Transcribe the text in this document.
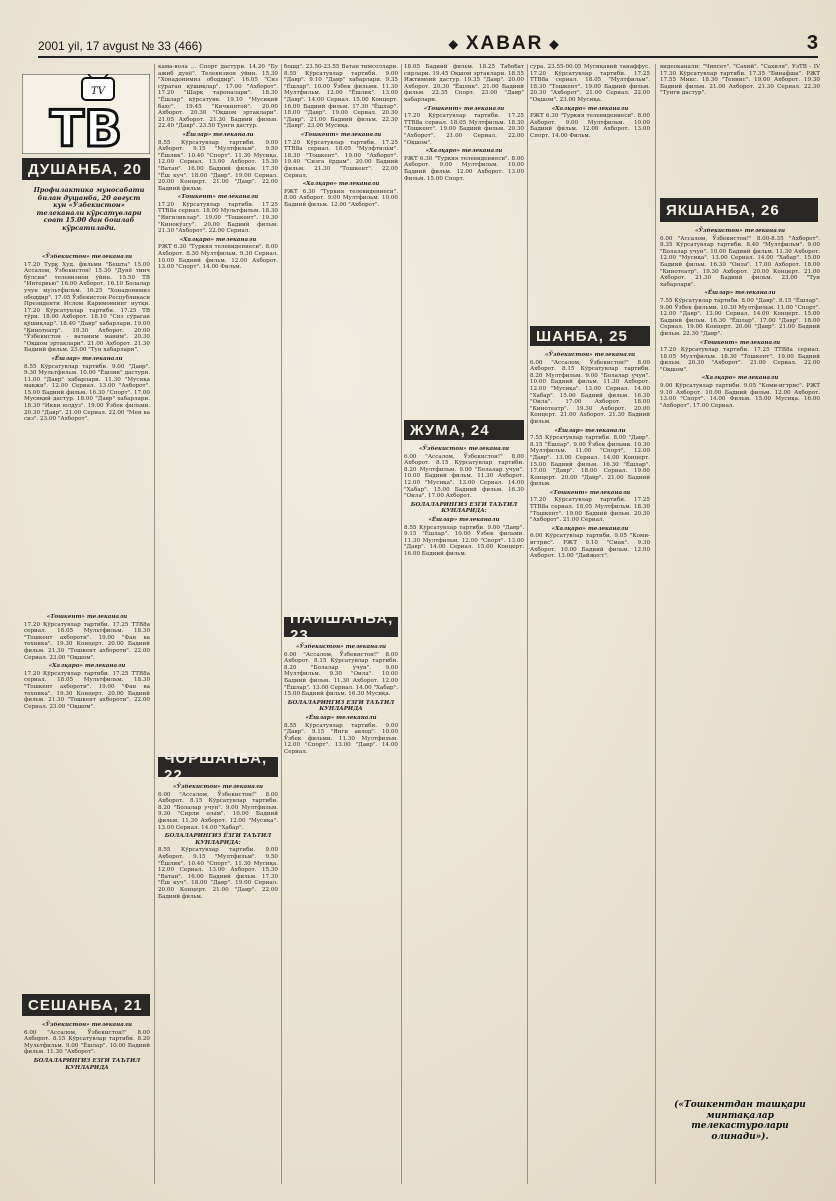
2001 yil, 17 avgust № 33 (466)	◆ XABAR ◆	3
TV
TB
ДУШАНБА, 20
Профилактика муносабати билан душанба, 20 август кун «Ўзбекистон» телеканали кўрсатувлари соат 15.00 дан бошлаб кўрсатилади.

«Ўзбекистон» телеканали

17.20 Турк Худ. фильми "Бешта" 15.00 Ассалом, Ўзбекистон! 15.30 "Дунё тинч бўлсин" телевизион ўйин. 15.50 ТВ "Интервью" 16.00 Ахборот. 16.10 Болалар учун мультфильм. 16.25 "Хонадонимиз ободдир". 17.05 Ўзбекистон Республикаси Президенти Ислом Каримовнинг нутқи. 17.20 Кўрсатувлар тартиби. 17.25 ТВ тўри. 18.00 Ахборот. 18.10 "Сиз сўраган қўшиқлар". 18.40 "Давр" хабарлари. 19.00 "Кинотеатр". 19.30 Ахборот. 20.00 "Ўзбекистон - ватаним маним". 20.30 "Оқшом эртаклари". 21.00 Ахборот. 21.30 Бадиий фильм. 23.00 "Тун хабарлари".

«Ёшлар» телеканали

8.55 Кўрсатувлар тартиби. 9.00 "Давр". 9.30 Мультфильм. 10.00 "Ёшлик" дастури. 11.00 "Давр" хабарлари. 11.30 "Мусиқа мавжи". 12.00 Сериал. 13.00 "Ахборот". 15.00 Бадиий фильм. 16.30 "Спорт". 17.00 Мусиқий дастур. 18.00 "Давр" хабарлари. 18.30 "Икки юлдуз". 19.00 Ўзбек фильми. 20.30 "Давр". 21.00 Сериал. 22.00 "Мен ва сиз". 23.00 "Ахборот".

«Тошкент» телеканали

17.20 Кўрсатувлар тартиби. 17.25 ТТВ8а сериал. 18.05 Мультфильм. 18.30 "Тошкент ахбороти". 19.00 "Фан ва техника". 19.30 Концерт. 20.00 Бадиий фильм. 21.30 "Тошкент ахбороти". 22.00 Сериал. 23.00 "Оқшом".

«Халқаро» телеканали

17.20 Кўрсатувлар тартиби. 17.25 ТТВ8а сериал. 18.05 Мультфильм. 18.30 "Тошкент ахбороти". 19.00 "Фан ва техника". 19.30 Концерт. 20.00 Бадиий фильм. 21.30 "Тошкент ахбороти". 22.00 Сериал. 23.00 "Оқшом".

СЕШАНБА, 21

«Ўзбекистон» телеканали

6.00 "Ассалом, Ўзбекистон!" 8.00 Ахборот. 8.15 Кўрсатувлар тартиби. 8.20 Мультфильм. 9.00 "Ёшлар". 10.00 Бадиий фильм. 11.30 "Ахборот".

БОЛАЛАРИНГИЗ ЕЗГИ ТАЪТИЛ КУНЛАРИДА

кама-вола ... Спорт дастури. 14.20 "Бу ажиб дунё". Телевизион ўйин. 15.30 "Хонадонимиз ободдир". 16.05 "Сиз сўраган қўшиқлар". 17.00 "Ахборот". 17.20 "Шарқ тароналари". 18.30 "Ёшлар" кўрсатуви. 19.10 "Мусиқий бахс". 19.45 "Кичкинтой". 20.00 Ахборот. 20.30 "Оқшом эртаклари". 21.05 Ахборот. 21.30 Бадиий фильм. 22.40 "Давр". 23.50 Тунги дастур.

«Ёшлар» телеканали

8.55 Кўрсатувлар тартиби. 9.00 Ахборот. 9.15 "Мултфильм". 9.50 "Ёшлик". 10.40 "Спорт". 11.30 Мусиқа. 12.00 Сериал. 13.00 Ахборот. 15.30 "Ватан". 16.00 Бадиий фильм. 17.30 "Ёш куч". 18.00 "Давр". 19.00 Сериал. 20.00 Концерт. 21.00 "Давр". 22.00 Бадиий фильм.

«Тошкент» телеканали

17.20 Кўрсатувлар тартиби. 17.25 ТТВ8а сериал. 18.00 Мультфильм. 18.30 "Янгиликлар". 19.00 "Тошкент". 19.30 "Кинокўзгу". 20.00 Бадиий фильм. 21.30 "Ахборот". 22.00 Сериал.

«Халқаро» телеканали

РЖТ 6.30 "Туркия телевидениеси". 8.00 Ахборот. 8.30 Мултфильм. 9.30 Сериал. 10.00 Бадиий фильм. 12.00 Ахборот. 13.00 "Спорт". 14.00 Фильм.

ЧОРШАНБА, 22

«Ўзбекистон» телеканали

6.00 "Ассалом, Ўзбекистон!" 8.00 Ахборот. 8.15 Кўрсатувлар тартиби. 8.20 "Болалар учун". 9.00 Мултфильм. 9.30 "Сирли олам". 10.00 Бадиий фильм. 11.30 Ахборот. 12.00 "Мусиқа". 13.00 Сериал. 14.00 "Хабар".

БОЛАЛАРИНГИЗ ЁЗГИ ТАЪТИЛ КУНЛАРИДА:

8.55 Кўрсатувлар тартиби. 9.00 Ахборот. 9.15 "Мултфильм". 9.50 "Ёшлик". 10.40 "Спорт". 11.30 Мусиқа. 12.00 Сериал. 13.00 Ахборот. 15.30 "Ватан". 16.00 Бадиий фильм. 17.30 "Ёш куч". 18.00 "Давр". 19.00 Сериал. 20.00 Концерт. 21.00 "Давр". 22.00 Бадиий фильм.

бошд". 23.50-23.55 Ватан тимсоллари. 8.55 Кўрсатувлар тартиби. 9.00 "Давр". 9.10 "Давр" хабарлари. 9.35 "Ёшлар". 10.00 Ўзбек фильми. 11.30 Мултфильм. 12.00 "Ёшлик". 13.00 "Давр". 14.00 Сериал. 15.00 Концерт. 16.00 Бадиий фильм. 17.30 "Ёшлар". 18.00 "Давр". 19.00 Сериал. 20.30 "Давр". 21.00 Бадиий фильм. 22.30 "Давр". 23.00 Мусиқа.

«Тошкент» телеканали

17.20 Кўрсатувлар тартиби. 17.25 ТТВ8а сериал. 18.05 "Мулфтильм". 18.30 "Тошкент". 19.00 "Ахборот". 19.40 "Сизга ёрдам". 20.00 Бадиий фильм. 21.30 "Тошкент". 22.00 Сериал.

«Халқаро» телеканали

РЖТ 6.30 "Туркия телевидениеси". 8.00 Ахборот. 9.00 Мултфильм. 10.00 Бадиий фильм. 12.00 "Ахборот".

ПАЙШАНБА, 23

«Ўзбекистон» телеканали

6.00 "Ассалом, Ўзбекистон!" 8.00 Ахборот. 8.15 Кўрсатувлар тартиби. 8.20 "Болалар учун". 9.00 Мултфильм. 9.30 "Оила". 10.00 Бадиий фильм. 11.30 Ахборот. 12.00 "Ёшлар". 13.00 Сериал. 14.00 "Хабар". 15.00 Бадиий фильм. 16.30 Мусиқа.

БОЛАЛАРИНГИЗ ЕЗГИ ТАЪТИЛ КУНЛАРИДА

«Ёшлар» телеканали

8.55 Кўрсатувлар тартиби. 9.00 "Давр". 9.15 "Янги авлод". 10.00 Ўзбек фильми. 11.30 Мултфильм. 12.00 "Спорт". 13.00 "Давр". 14.00 Сериал.

18.05 Бадиий фильм. 18.25 Табобат сирлари. 19.45 Оқшом эртаклари. 18.55 Ижтимоий дастур. 19.35 "Давр". 20.00 Ахборот. 20.30 "Ёшлик". 21.00 Бадиий фильм. 22.35 Спорт. 23.00 "Давр" хабарлари.

«Тошкент» телеканали

17.20 Кўрсатувлар тартиби. 17.25 ТТВ8а сериал. 18.05 Мултфильм. 18.30 "Тошкент". 19.00 Бадиий фильм. 20.30 "Ахборот". 21.00 Сериал. 22.00 "Оқшом".

«Халқаро» телеканали

РЖТ 6.30 "Туркия телевидениеси". 8.00 Ахборот. 9.00 Мултфильм. 10.00 Бадиий фильм. 12.00 Ахборот. 13.00 Фильм. 15.00 Спорт.

ЖУМА, 24

«Ўзбекистон» телеканали

6.00 "Ассалом, Ўзбекистон!" 8.00 Ахборот. 8.15 Кўрсатувлар тартиби. 8.20 Мултфильм. 9.00 "Болалар учун". 10.00 Бадиий фильм. 11.30 Ахборот. 12.00 "Мусиқа". 13.00 Сериал. 14.00 "Хабар". 15.00 Бадиий фильм. 16.30 "Оила". 17.00 Ахборот.

БОЛАЛАРИНГИЗ ЕЗГИ ТАЪТИЛ КУНЛАРИДА:

«Ёшлар» телеканали

8.55 Кўрсатувлар тартиби. 9.00 "Давр". 9.15 "Ёшлар". 10.00 Ўзбек фильми. 11.30 Мултфильм. 12.00 "Спорт". 13.00 "Давр". 14.00 Сериал. 15.00 Концерт. 16.00 Бадиий фильм.

сура. 23.55-00.05 Мусиқавий танаффус. 17.20 Кўрсатувлар тартиби. 17.25 ТТВ8а сериал. 18.05 "Мултфильм". 18.30 "Тошкент". 19.00 Бадиий фильм. 20.30 "Ахборот". 21.00 Сериал. 22.00 "Оқшом". 23.00 Мусиқа.

«Халқаро» телеканали

РЖТ 6.30 "Туркия телевидениеси". 8.00 Ахборот. 9.00 Мултфильм. 10.00 Бадиий фильм. 12.00 Ахборот. 13.00 Спорт. 14.00 Фильм.

ШАНБА, 25

«Ўзбекистон» телеканали

6.00 "Ассалом, Ўзбекистон!" 8.00 Ахборот. 8.15 Кўрсатувлар тартиби. 8.20 Мултфильм. 9.00 "Болалар учун". 10.00 Бадиий фильм. 11.30 Ахборот. 12.00 "Мусиқа". 13.00 Сериал. 14.00 "Хабар". 15.00 Бадиий фильм. 16.30 "Оила". 17.00 Ахборот. 18.00 "Кинотеатр". 19.30 Ахборот. 20.00 Концерт. 21.00 Ахборот. 21.30 Бадиий фильм.

«Ёшлар» телеканали

7.55 Кўрсатувлар тартиби. 8.00 "Давр". 8.15 "Ёшлар". 9.00 Ўзбек фильми. 10.30 Мултфильм. 11.00 "Спорт". 12.00 "Давр". 13.00 Сериал. 14.00 Концерт. 15.00 Бадиий фильм. 16.30 "Ёшлар". 17.00 "Давр". 18.00 Сериал. 19.00 Концерт. 20.00 "Давр". 21.00 Бадиий фильм.

«Тошкент» телеканали

17.20 Кўрсатувлар тартиби. 17.25 ТТВ8а сериал. 18.05 Мултфильм. 18.30 "Тошкент". 19.00 Бадиий фильм. 20.30 "Ахборот". 21.00 Сериал.

«Халқаро» телеканали

6.00 Кўрсатувлар тартиби. 9.05 "Коми-игтрис". РЖТ 9.10 "Смак". 9.30 Ахборот. 10.00 Бадиий фильм. 12.00 Ахборот. 13.00 "Дайжест".

видеоканали: "Чипсет". "Сахий". "Сахиля". УзТВ - IV 17.30 Кўрсатувлар тартиби. 17.35 "Бинафша". РЖТ 17.55 Микс. 18.30 "Теннис". 19.00 Ахборот. 19.30 Бадиий фильм. 21.00 Ахборот. 21.30 Сериал. 22.30 "Тунги дастур".

ЯКШАНБА, 26

«Ўзбекистон» телеканали

6.00 "Ассалом, Ўзбекистон!" 8.00-8.35 "Ахборот". 8.35 Кўрсатувлар тартиби. 8.40 "Мултфильм". 9.00 "Болалар учун". 10.00 Бадиий фильм. 11.30 Ахборот. 12.00 "Мусиқа". 13.00 Сериал. 14.00 "Хабар". 15.00 Бадиий фильм. 16.30 "Оила". 17.00 Ахборот. 18.00 "Кинотеатр". 19.30 Ахборот. 20.00 Концерт. 21.00 Ахборот. 21.30 Бадиий фильм. 23.00 "Тун хабарлари".

«Ёшлар» телеканали

7.55 Кўрсатувлар тартиби. 8.00 "Давр". 8.15 "Ёшлар". 9.00 Ўзбек фильми. 10.30 Мултфильм. 11.00 "Спорт". 12.00 "Давр". 13.00 Сериал. 14.00 Концерт. 15.00 Бадиий фильм. 16.30 "Ёшлар". 17.00 "Давр". 18.00 Сериал. 19.00 Концерт. 20.00 "Давр". 21.00 Бадиий фильм. 22.30 "Давр".

«Тошкент» телеканали

17.20 Кўрсатувлар тартиби. 17.25 ТТВ8а сериал. 18.05 Мултфильм. 18.30 "Тошкент". 19.00 Бадиий фильм. 20.30 "Ахборот". 21.00 Сериал. 22.00 "Оқшом".

«Халқаро» телеканали

9.00 Кўрсатувлар тартиби. 9.05 "Коми-игтрис". РЖТ 9.10 Ахборот. 10.00 Бадиий фильм. 12.00 Ахборот. 13.00 "Спорт". 14.00 Фильм. 15.00 Мусиқа. 16.00 "Ахборот". 17.00 Сериал.

(«Тошкентдан ташқари минтақалар телекастуролари олинади»).
